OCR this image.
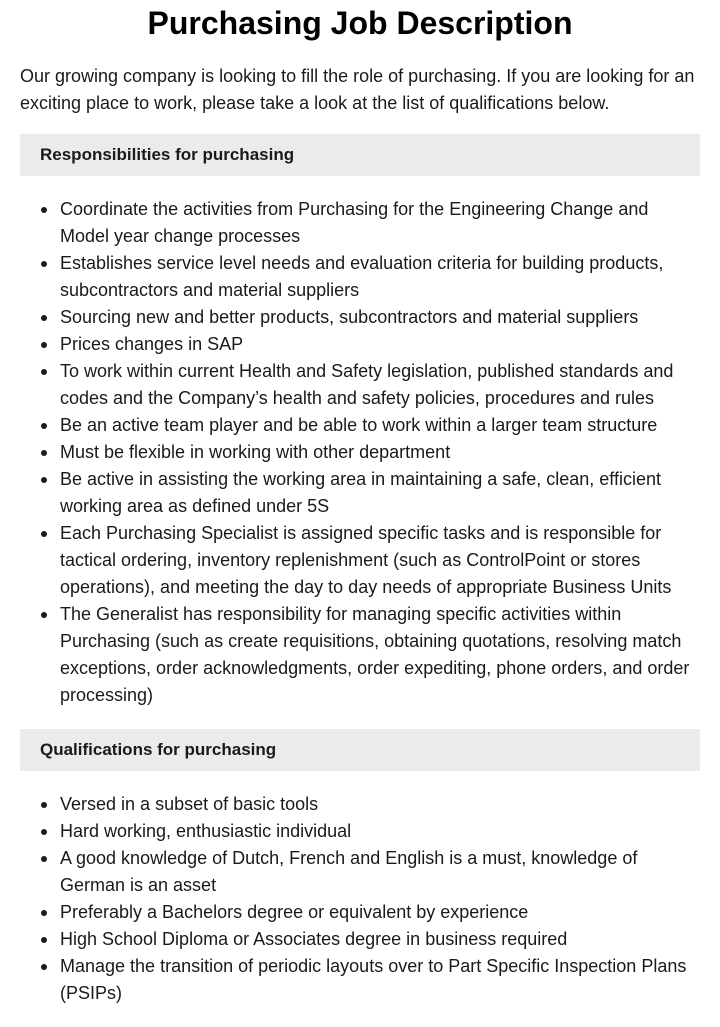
Purchasing Job Description

Our growing company is looking to fill the role of purchasing. If you are looking for an exciting place to work, please take a look at the list of qualifications below.

Responsibilities for purchasing
Coordinate the activities from Purchasing for the Engineering Change and Model year change processes
Establishes service level needs and evaluation criteria for building products, subcontractors and material suppliers
Sourcing new and better products, subcontractors and material suppliers
Prices changes in SAP
To work within current Health and Safety legislation, published standards and codes and the Company’s health and safety policies, procedures and rules
Be an active team player and be able to work within a larger team structure
Must be flexible in working with other department
Be active in assisting the working area in maintaining a safe, clean, efficient working area as defined under 5S
Each Purchasing Specialist is assigned specific tasks and is responsible for tactical ordering, inventory replenishment (such as ControlPoint or stores operations), and meeting the day to day needs of appropriate Business Units
The Generalist has responsibility for managing specific activities within Purchasing (such as create requisitions, obtaining quotations, resolving match exceptions, order acknowledgments, order expediting, phone orders, and order processing)
Qualifications for purchasing
Versed in a subset of basic tools
Hard working, enthusiastic individual
A good knowledge of Dutch, French and English is a must, knowledge of German is an asset
Preferably a Bachelors degree or equivalent by experience
High School Diploma or Associates degree in business required
Manage the transition of periodic layouts over to Part Specific Inspection Plans (PSIPs)
